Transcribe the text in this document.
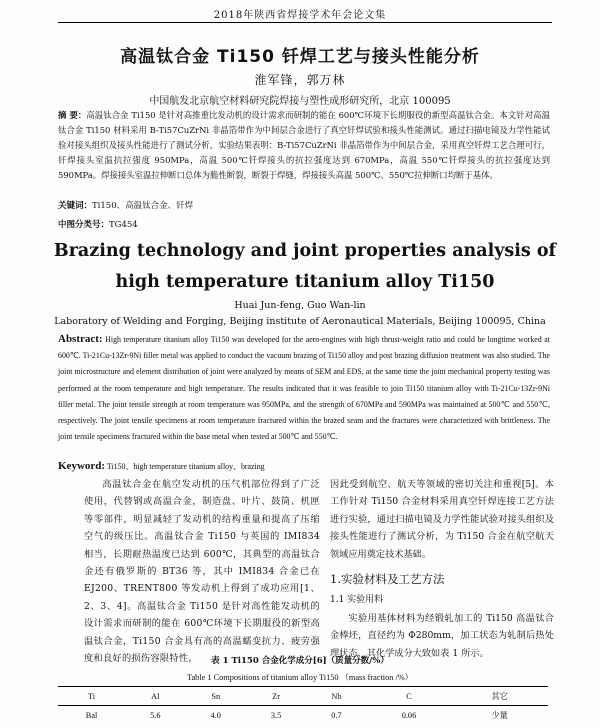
2018年陕西省焊接学术年会论文集
高温钛合金 Ti150 钎焊工艺与接头性能分析
淮军锋，郭万林
中国航发北京航空材料研究院焊接与塑性成形研究所，北京 100095
摘 要：高温钛合金 Ti150 是针对高推重比发动机的设计需求而研制的能在 600℃环境下长期服役的新型高温钛合金。本文针对高温钛合金 Ti150 材料采用 B-Ti57CuZrNi 非晶箔带作为中间层合金进行了真空钎焊试验和接头性能测试。通过扫描电镜及力学性能试验对接头组织及接头性能进行了测试分析，实验结果表明：B-Ti57CuZrNi 非晶箔带作为中间层合金，采用真空钎焊工艺合理可行，钎焊接头室温抗拉强度 950MPa，高温 500℃钎焊接头的抗拉强度达到 670MPa，高温 550℃钎焊接头的抗拉强度达到 590MPa。焊接接头室温拉伸断口总体为脆性断裂，断裂于焊缝，焊接接头高温 500℃、550℃拉伸断口均断于基体。
关键词：Ti150、高温钛合金、钎焊
中图分类号：TG454
Brazing technology and joint properties analysis of high temperature titanium alloy Ti150
Huai Jun-feng, Guo Wan-lin
Laboratory of Welding and Forging, Beijing institute of Aeronautical Materials, Beijing 100095, China
Abstract: High temperature titanium alloy Ti150 was developed for the aero-engines with high thrust-weight ratio and could be longtime worked at 600℃. Ti-21Cu-13Zr-9Ni filler metal was applied to conduct the vacuum brazing of Ti150 alloy and post brazing diffusion treatment was also studied. The joint microstructure and element distribution of joint were analyzed by means of SEM and EDS, at the same time the joint mechanical property testing was performed at the room temperature and high temperature. The results indicated that it was feasible to join Ti150 titanium alloy with Ti-21Cu-13Zr-9Ni filler metal. The joint tensile strength at room temperature was 950MPa, and the strength of 670MPa and 590MPa was maintained at 500℃ and 550℃, respectively. The joint tensile specimens at room temperature fractured within the brazed seam and the fractures were characterized with brittleness. The joint tensile specimens fractured within the base metal when tested at 500℃ and 550℃.
Keyword: Ti150、high temperature titanium alloy、brazing
高温钛合金在航空发动机的压气机部位得到了广泛使用，代替钢或高温合金，制造盘、叶片、鼓筒、机匣等零部件，明显减轻了发动机的结构重量和提高了压缩空气的级压比。高温钛合金 Ti150 与英国的 IMI834 相当，长期耐热温度已达到 600℃，其典型的高温钛合金还有俄罗斯的 BT36 等，其中 IMI834 合金已在 EJ200、TRENT800 等发动机上得到了成功应用[1、2、3、4]。高温钛合金 Ti150 是针对高性能发动机的设计需求而研制的能在 600℃环境下长期服役的新型高温钛合金，Ti150 合金具有高的高温蠕变抗力、疲劳强度和良好的损伤容限特性，
因此受到航空、航天等领域的密切关注和重视[5]。本工作针对 Ti150 合金材料采用真空钎焊连接工艺方法进行实验，通过扫描电镜及力学性能试验对接头组织及接头性能进行了测试分析，为 Ti150 合金在航空航天领域应用奠定技术基础。
1.实验材料及工艺方法
1.1 实验用料
实验用基体材料为经锻轧加工的 Ti150 高温钛合金棒坯，直径约为 Φ280mm，加工状态为轧制后热处理状态，其化学成分大致如表 1 所示。
表 1 Ti150 合金化学成分[6]（质量分数/%）
Table 1 Compositions of titanium alloy Ti150 （mass fraction /%）
Ti	Al	Sn	Zr	Nb	C	其它
Bal	5.6	4.0	3.5	0.7	0.06	少量
